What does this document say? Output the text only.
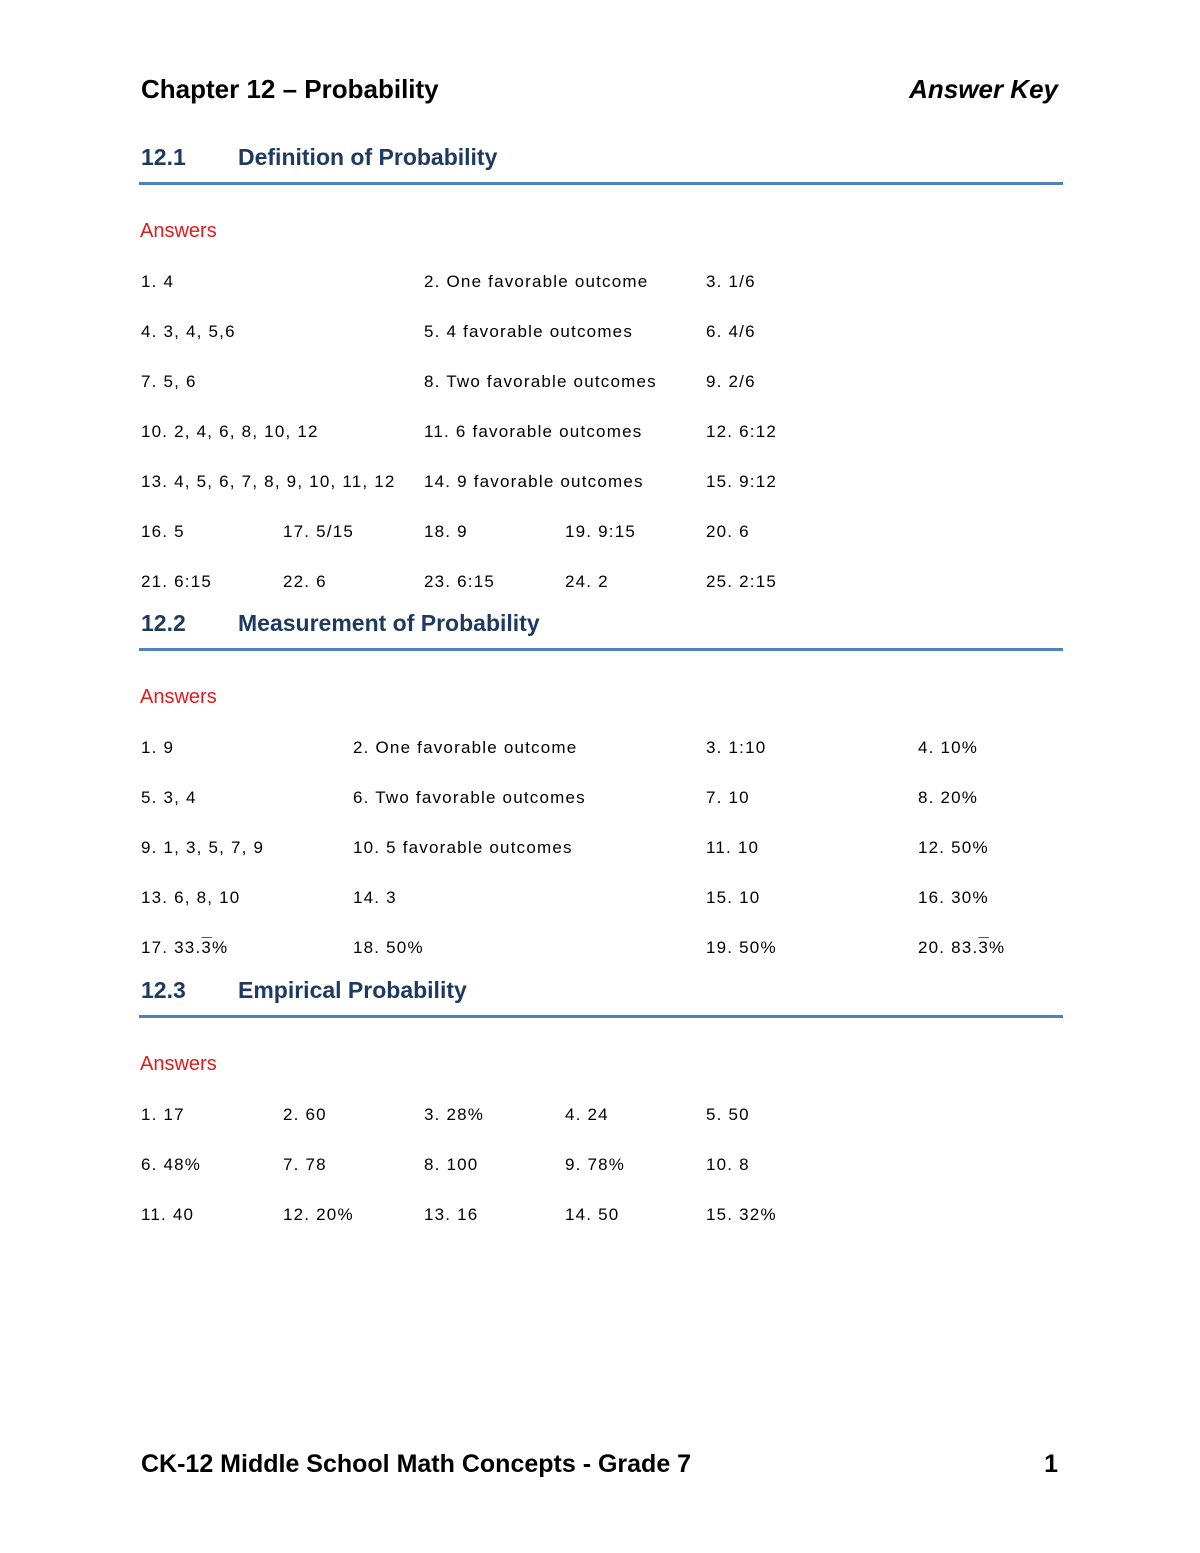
Chapter 12 – Probability	Answer Key
12.1 Definition of Probability
Answers
1. 4	2. One favorable outcome	3. 1/6
4. 3, 4, 5,6	5. 4 favorable outcomes	6. 4/6
7. 5, 6	8. Two favorable outcomes	9. 2/6
10. 2, 4, 6, 8, 10, 12	11. 6 favorable outcomes	12. 6:12
13. 4, 5, 6, 7, 8, 9, 10, 11, 12 14. 9 favorable outcomes	15. 9:12
16. 5	17. 5/15	18. 9	19. 9:15	20. 6
21. 6:15	22. 6	23. 6:15	24. 2	25. 2:15
12.2 Measurement of Probability
Answers
1. 9	2. One favorable outcome	3. 1:10	4. 10%
5. 3, 4	6. Two favorable outcomes	7. 10	8. 20%
9. 1, 3, 5, 7, 9	10. 5 favorable outcomes	11. 10	12. 50%
13. 6, 8, 10	14. 3	15. 10	16. 30%
17. 33.3%	18. 50%	19. 50%	20. 83.3%
12.3 Empirical Probability
Answers
1. 17	2. 60	3. 28%	4. 24	5. 50
6. 48%	7. 78	8. 100	9. 78%	10. 8
11. 40	12. 20%	13. 16	14. 50	15. 32%
CK-12 Middle School Math Concepts - Grade 7	1
